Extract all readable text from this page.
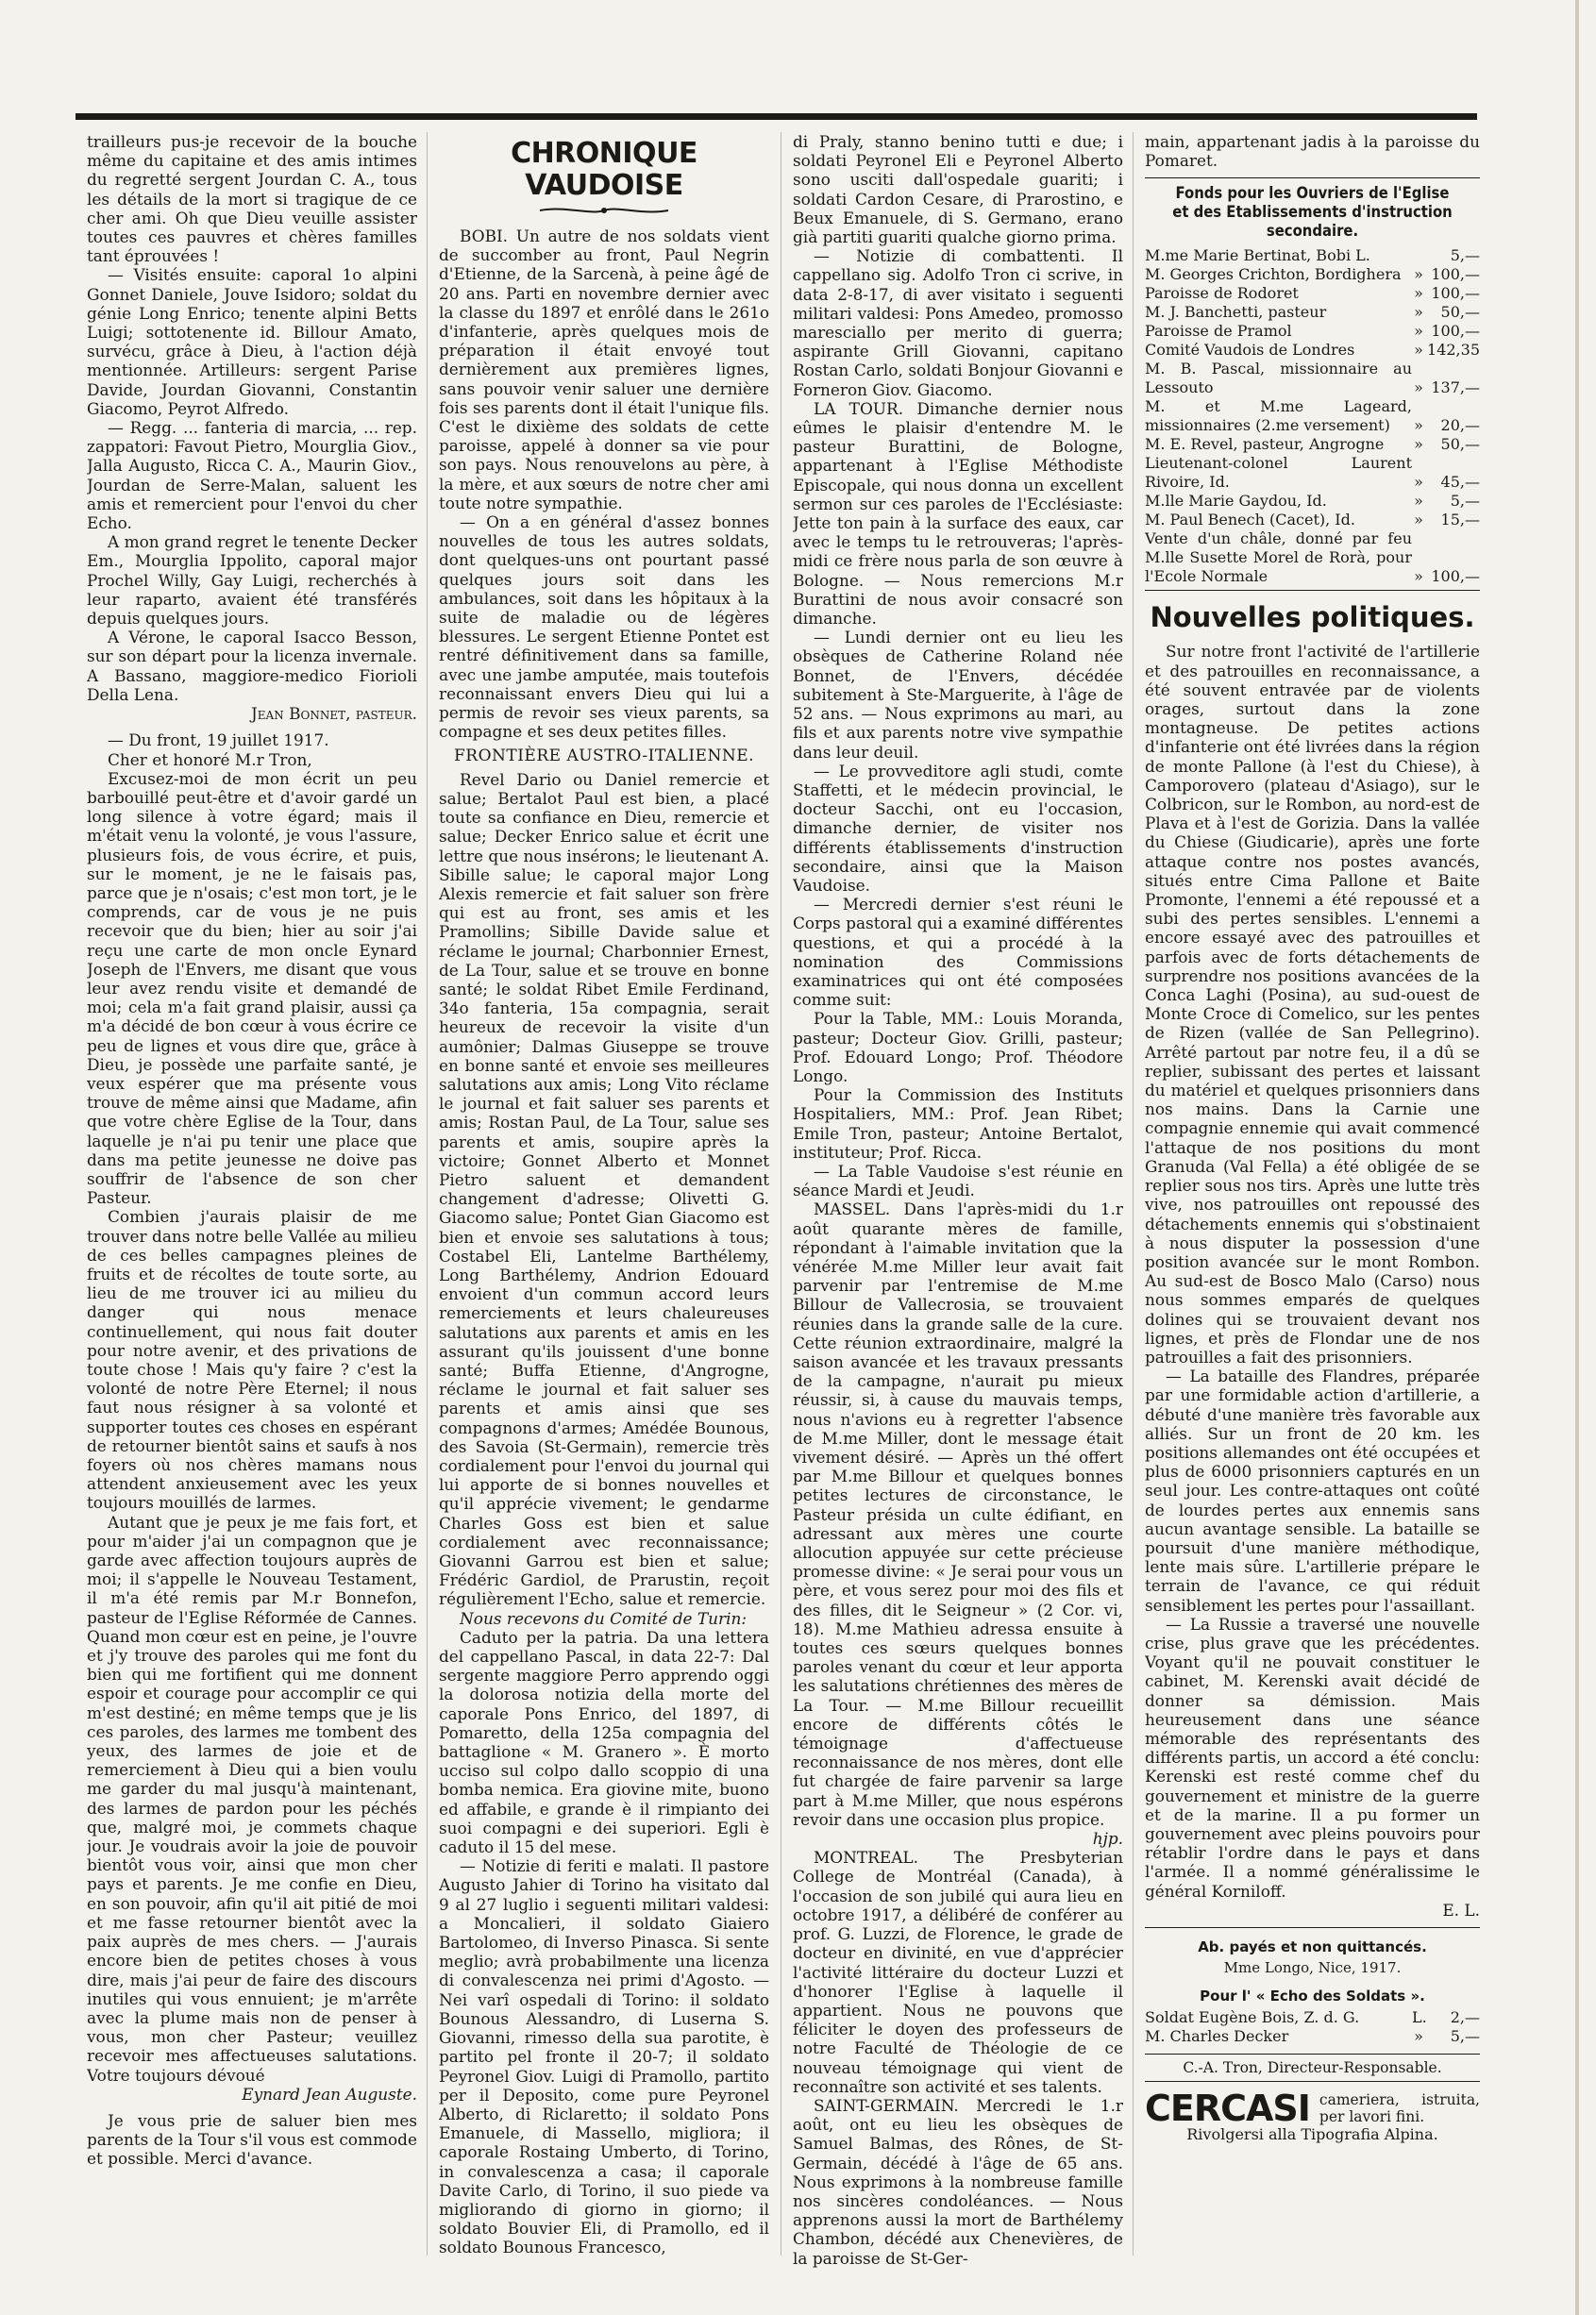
trailleurs pus-je recevoir de la bouche même du capitaine et des amis intimes du regretté sergent Jourdan C. A., tous les détails de la mort si tragique de ce cher ami. Oh que Dieu veuille assister toutes ces pauvres et chères familles tant éprouvées !

— Visités ensuite: caporal 1o alpini Gonnet Daniele, Jouve Isidoro; soldat du génie Long Enrico; tenente alpini Betts Luigi; sottotenente id. Billour Amato, survécu, grâce à Dieu, à l'action déjà mentionnée. Artilleurs: sergent Parise Davide, Jourdan Giovanni, Constantin Giacomo, Peyrot Alfredo.

— Regg. ... fanteria di marcia, ... rep. zappatori: Favout Pietro, Mourglia Giov., Jalla Augusto, Ricca C. A., Maurin Giov., Jourdan de Serre-Malan, saluent les amis et remercient pour l'envoi du cher Echo.

A mon grand regret le tenente Decker Em., Mourglia Ippolito, caporal major Prochel Willy, Gay Luigi, recherchés à leur raparto, avaient été transférés depuis quelques jours.

A Vérone, le caporal Isacco Besson, sur son départ pour la licenza invernale. A Bassano, maggiore-medico Fiorioli Della Lena.

Jean Bonnet, pasteur.

— Du front, 19 juillet 1917.

Cher et honoré M.r Tron,

Excusez-moi de mon écrit un peu barbouillé peut-être et d'avoir gardé un long silence à votre égard; mais il m'était venu la volonté, je vous l'assure, plusieurs fois, de vous écrire, et puis, sur le moment, je ne le faisais pas, parce que je n'osais; c'est mon tort, je le comprends, car de vous je ne puis recevoir que du bien; hier au soir j'ai reçu une carte de mon oncle Eynard Joseph de l'Envers, me disant que vous leur avez rendu visite et demandé de moi; cela m'a fait grand plaisir, aussi ça m'a décidé de bon cœur à vous écrire ce peu de lignes et vous dire que, grâce à Dieu, je possède une parfaite santé, je veux espérer que ma présente vous trouve de même ainsi que Madame, afin que votre chère Eglise de la Tour, dans laquelle je n'ai pu tenir une place que dans ma petite jeunesse ne doive pas souffrir de l'absence de son cher Pasteur.

Combien j'aurais plaisir de me trouver dans notre belle Vallée au milieu de ces belles campagnes pleines de fruits et de récoltes de toute sorte, au lieu de me trouver ici au milieu du danger qui nous menace continuellement, qui nous fait douter pour notre avenir, et des privations de toute chose ! Mais qu'y faire ? c'est la volonté de notre Père Eternel; il nous faut nous résigner à sa volonté et supporter toutes ces choses en espérant de retourner bientôt sains et saufs à nos foyers où nos chères mamans nous attendent anxieusement avec les yeux toujours mouillés de larmes.

Autant que je peux je me fais fort, et pour m'aider j'ai un compagnon que je garde avec affection toujours auprès de moi; il s'appelle le Nouveau Testament, il m'a été remis par M.r Bonnefon, pasteur de l'Eglise Réformée de Cannes. Quand mon cœur est en peine, je l'ouvre et j'y trouve des paroles qui me font du bien qui me fortifient qui me donnent espoir et courage pour accomplir ce qui m'est destiné; en même temps que je lis ces paroles, des larmes me tombent des yeux, des larmes de joie et de remerciement à Dieu qui a bien voulu me garder du mal jusqu'à maintenant, des larmes de pardon pour les péchés que, malgré moi, je commets chaque jour. Je voudrais avoir la joie de pouvoir bientôt vous voir, ainsi que mon cher pays et parents. Je me confie en Dieu, en son pouvoir, afin qu'il ait pitié de moi et me fasse retourner bientôt avec la paix auprès de mes chers. — J'aurais encore bien de petites choses à vous dire, mais j'ai peur de faire des discours inutiles qui vous ennuient; je m'arrête avec la plume mais non de penser à vous, mon cher Pasteur; veuillez recevoir mes affectueuses salutations. Votre toujours dévoué

Eynard Jean Auguste.

Je vous prie de saluer bien mes parents de la Tour s'il vous est commode et possible. Merci d'avance.

CHRONIQUE VAUDOISE

BOBI. Un autre de nos soldats vient de succomber au front, Paul Negrin d'Etienne, de la Sarcenà, à peine âgé de 20 ans. Parti en novembre dernier avec la classe du 1897 et enrôlé dans le 261o d'infanterie, après quelques mois de préparation il était envoyé tout dernièrement aux premières lignes, sans pouvoir venir saluer une dernière fois ses parents dont il était l'unique fils. C'est le dixième des soldats de cette paroisse, appelé à donner sa vie pour son pays. Nous renouvelons au père, à la mère, et aux sœurs de notre cher ami toute notre sympathie.

— On a en général d'assez bonnes nouvelles de tous les autres soldats, dont quelques-uns ont pourtant passé quelques jours soit dans les ambulances, soit dans les hôpitaux à la suite de maladie ou de légères blessures. Le sergent Etienne Pontet est rentré définitivement dans sa famille, avec une jambe amputée, mais toutefois reconnaissant envers Dieu qui lui a permis de revoir ses vieux parents, sa compagne et ses deux petites filles.

FRONTIÈRE AUSTRO-ITALIENNE.

Revel Dario ou Daniel remercie et salue; Bertalot Paul est bien, a placé toute sa confiance en Dieu, remercie et salue; Decker Enrico salue et écrit une lettre que nous insérons; le lieutenant A. Sibille salue; le caporal major Long Alexis remercie et fait saluer son frère qui est au front, ses amis et les Pramollins; Sibille Davide salue et réclame le journal; Charbonnier Ernest, de La Tour, salue et se trouve en bonne santé; le soldat Ribet Emile Ferdinand, 34o fanteria, 15a compagnia, serait heureux de recevoir la visite d'un aumônier; Dalmas Giuseppe se trouve en bonne santé et envoie ses meilleures salutations aux amis; Long Vito réclame le journal et fait saluer ses parents et amis; Rostan Paul, de La Tour, salue ses parents et amis, soupire après la victoire; Gonnet Alberto et Monnet Pietro saluent et demandent changement d'adresse; Olivetti G. Giacomo salue; Pontet Gian Giacomo est bien et envoie ses salutations à tous; Costabel Eli, Lantelme Barthélemy, Long Barthélemy, Andrion Edouard envoient d'un commun accord leurs remerciements et leurs chaleureuses salutations aux parents et amis en les assurant qu'ils jouissent d'une bonne santé; Buffa Etienne, d'Angrogne, réclame le journal et fait saluer ses parents et amis ainsi que ses compagnons d'armes; Amédée Bounous, des Savoia (St-Germain), remercie très cordialement pour l'envoi du journal qui lui apporte de si bonnes nouvelles et qu'il apprécie vivement; le gendarme Charles Goss est bien et salue cordialement avec reconnaissance; Giovanni Garrou est bien et salue; Frédéric Gardiol, de Prarustin, reçoit régulièrement l'Echo, salue et remercie.

Nous recevons du Comité de Turin:

Caduto per la patria. Da una lettera del cappellano Pascal, in data 22-7: Dal sergente maggiore Perro apprendo oggi la dolorosa notizia della morte del caporale Pons Enrico, del 1897, di Pomaretto, della 125a compagnia del battaglione « M. Granero ». È morto ucciso sul colpo dallo scoppio di una bomba nemica. Era giovine mite, buono ed affabile, e grande è il rimpianto dei suoi compagni e dei superiori. Egli è caduto il 15 del mese.

— Notizie di feriti e malati. Il pastore Augusto Jahier di Torino ha visitato dal 9 al 27 luglio i seguenti militari valdesi: a Moncalieri, il soldato Giaiero Bartolomeo, di Inverso Pinasca. Si sente meglio; avrà probabilmente una licenza di convalescenza nei primi d'Agosto. — Nei varî ospedali di Torino: il soldato Bounous Alessandro, di Luserna S. Giovanni, rimesso della sua parotite, è partito pel fronte il 20-7; il soldato Peyronel Giov. Luigi di Pramollo, partito per il Deposito, come pure Peyronel Alberto, di Riclaretto; il soldato Pons Emanuele, di Massello, migliora; il caporale Rostaing Umberto, di Torino, in convalescenza a casa; il caporale Davite Carlo, di Torino, il suo piede va migliorando di giorno in giorno; il soldato Bouvier Eli, di Pramollo, ed il soldato Bounous Francesco,

di Praly, stanno benino tutti e due; i soldati Peyronel Eli e Peyronel Alberto sono usciti dall'ospedale guariti; i soldati Cardon Cesare, di Prarostino, e Beux Emanuele, di S. Germano, erano già partiti guariti qualche giorno prima.

— Notizie di combattenti. Il cappellano sig. Adolfo Tron ci scrive, in data 2-8-17, di aver visitato i seguenti militari valdesi: Pons Amedeo, promosso maresciallo per merito di guerra; aspirante Grill Giovanni, capitano Rostan Carlo, soldati Bonjour Giovanni e Forneron Giov. Giacomo.

LA TOUR. Dimanche dernier nous eûmes le plaisir d'entendre M. le pasteur Burattini, de Bologne, appartenant à l'Eglise Méthodiste Episcopale, qui nous donna un excellent sermon sur ces paroles de l'Ecclésiaste: Jette ton pain à la surface des eaux, car avec le temps tu le retrouveras; l'après-midi ce frère nous parla de son œuvre à Bologne. — Nous remercions M.r Burattini de nous avoir consacré son dimanche.

— Lundi dernier ont eu lieu les obsèques de Catherine Roland née Bonnet, de l'Envers, décédée subitement à Ste-Marguerite, à l'âge de 52 ans. — Nous exprimons au mari, au fils et aux parents notre vive sympathie dans leur deuil.

— Le provveditore agli studi, comte Staffetti, et le médecin provincial, le docteur Sacchi, ont eu l'occasion, dimanche dernier, de visiter nos différents établissements d'instruction secondaire, ainsi que la Maison Vaudoise.

— Mercredi dernier s'est réuni le Corps pastoral qui a examiné différentes questions, et qui a procédé à la nomination des Commissions examinatrices qui ont été composées comme suit:

Pour la Table, MM.: Louis Moranda, pasteur; Docteur Giov. Grilli, pasteur; Prof. Edouard Longo; Prof. Théodore Longo.

Pour la Commission des Instituts Hospitaliers, MM.: Prof. Jean Ribet; Emile Tron, pasteur; Antoine Bertalot, instituteur; Prof. Ricca.

— La Table Vaudoise s'est réunie en séance Mardi et Jeudi.

MASSEL. Dans l'après-midi du 1.r août quarante mères de famille, répondant à l'aimable invitation que la vénérée M.me Miller leur avait fait parvenir par l'entremise de M.me Billour de Vallecrosia, se trouvaient réunies dans la grande salle de la cure. Cette réunion extraordinaire, malgré la saison avancée et les travaux pressants de la campagne, n'aurait pu mieux réussir, si, à cause du mauvais temps, nous n'avions eu à regretter l'absence de M.me Miller, dont le message était vivement désiré. — Après un thé offert par M.me Billour et quelques bonnes petites lectures de circonstance, le Pasteur présida un culte édifiant, en adressant aux mères une courte allocution appuyée sur cette précieuse promesse divine: « Je serai pour vous un père, et vous serez pour moi des fils et des filles, dit le Seigneur » (2 Cor. vi, 18). M.me Mathieu adressa ensuite à toutes ces sœurs quelques bonnes paroles venant du cœur et leur apporta les salutations chrétiennes des mères de La Tour. — M.me Billour recueillit encore de différents côtés le témoignage d'affectueuse reconnaissance de nos mères, dont elle fut chargée de faire parvenir sa large part à M.me Miller, que nous espérons revoir dans une occasion plus propice.

hjp.

MONTREAL. The Presbyterian College de Montréal (Canada), à l'occasion de son jubilé qui aura lieu en octobre 1917, a délibéré de conférer au prof. G. Luzzi, de Florence, le grade de docteur en divinité, en vue d'apprécier l'activité littéraire du docteur Luzzi et d'honorer l'Eglise à laquelle il appartient. Nous ne pouvons que féliciter le doyen des professeurs de notre Faculté de Théologie de ce nouveau témoignage qui vient de reconnaître son activité et ses talents.

SAINT-GERMAIN. Mercredi le 1.r août, ont eu lieu les obsèques de Samuel Balmas, des Rônes, de St-Germain, décédé à l'âge de 65 ans. Nous exprimons à la nombreuse famille nos sincères condoléances. — Nous apprenons aussi la mort de Barthélemy Chambon, décédé aux Chenevières, de la paroisse de St-Ger-

main, appartenant jadis à la paroisse du Pomaret.

Fonds pour les Ouvriers de l'Eglise
et des Etablissements d'instruction secondaire.
M.me Marie Bertinat, Bobi L.	5,—
M. Georges Crichton, Bordighera » 100,—
Paroisse de Rodoret	» 100,—
M. J. Banchetti, pasteur	»	50,—
Paroisse de Pramol	» 100,—
Comité Vaudois de Londres	» 142,35
M. B. Pascal, missionnaire au Lessouto	» 137,—
M. et M.me Lageard, missionnaires (2.me versement)	»	20,—
M. E. Revel, pasteur, Angrogne	»	50,—
Lieutenant-colonel Laurent Rivoire, Id.	»	45,—
M.lle Marie Gaydou, Id.	»	5,—
M. Paul Benech (Cacet), Id.	»	15,—
Vente d'un châle, donné par feu M.lle Susette Morel de Rorà, pour l'Ecole Normale	» 100,—
Nouvelles politiques.

Sur notre front l'activité de l'artillerie et des patrouilles en reconnaissance, a été souvent entravée par de violents orages, surtout dans la zone montagneuse. De petites actions d'infanterie ont été livrées dans la région de monte Pallone (à l'est du Chiese), à Camporovero (plateau d'Asiago), sur le Colbricon, sur le Rombon, au nord-est de Plava et à l'est de Gorizia. Dans la vallée du Chiese (Giudicarie), après une forte attaque contre nos postes avancés, situés entre Cima Pallone et Baite Promonte, l'ennemi a été repoussé et a subi des pertes sensibles. L'ennemi a encore essayé avec des patrouilles et parfois avec de forts détachements de surprendre nos positions avancées de la Conca Laghi (Posina), au sud-ouest de Monte Croce di Comelico, sur les pentes de Rizen (vallée de San Pellegrino). Arrêté partout par notre feu, il a dû se replier, subissant des pertes et laissant du matériel et quelques prisonniers dans nos mains. Dans la Carnie une compagnie ennemie qui avait commencé l'attaque de nos positions du mont Granuda (Val Fella) a été obligée de se replier sous nos tirs. Après une lutte très vive, nos patrouilles ont repoussé des détachements ennemis qui s'obstinaient à nous disputer la possession d'une position avancée sur le mont Rombon. Au sud-est de Bosco Malo (Carso) nous nous sommes emparés de quelques dolines qui se trouvaient devant nos lignes, et près de Flondar une de nos patrouilles a fait des prisonniers.

— La bataille des Flandres, préparée par une formidable action d'artillerie, a débuté d'une manière très favorable aux alliés. Sur un front de 20 km. les positions allemandes ont été occupées et plus de 6000 prisonniers capturés en un seul jour. Les contre-attaques ont coûté de lourdes pertes aux ennemis sans aucun avantage sensible. La bataille se poursuit d'une manière méthodique, lente mais sûre. L'artillerie prépare le terrain de l'avance, ce qui réduit sensiblement les pertes pour l'assaillant.

— La Russie a traversé une nouvelle crise, plus grave que les précédentes. Voyant qu'il ne pouvait constituer le cabinet, M. Kerenski avait décidé de donner sa démission. Mais heureusement dans une séance mémorable des représentants des différents partis, un accord a été conclu: Kerenski est resté comme chef du gouvernement et ministre de la guerre et de la marine. Il a pu former un gouvernement avec pleins pouvoirs pour rétablir l'ordre dans le pays et dans l'armée. Il a nommé généralissime le général Korniloff.

E. L.

Ab. payés et non quittancés.
Mme Longo, Nice, 1917.
Pour l' « Echo des Soldats ».
Soldat Eugène Bois, Z. d. G.	L.	2,—
M. Charles Decker	»	5,—
C.-A. Tron, Directeur-Responsable.
CERCASI cameriera, istruita, per lavori fini.
Rivolgersi alla Tipografia Alpina.
